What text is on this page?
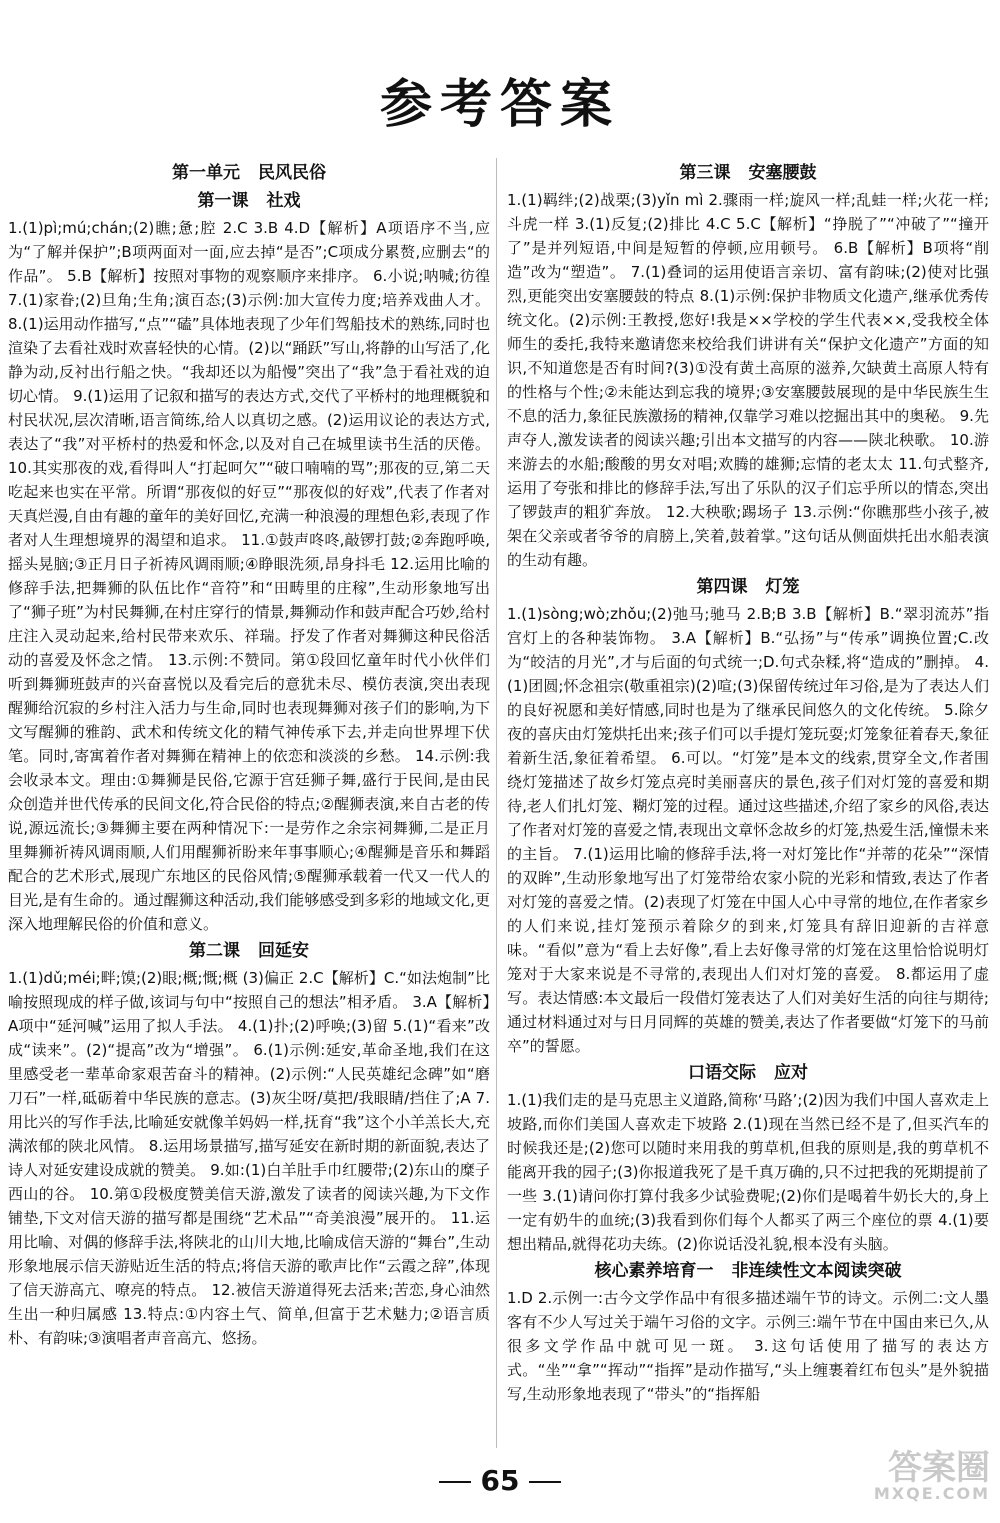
参考答案
第一单元 民风民俗
第一课 社戏

1.(1)pì;mú;chán;(2)瞧;惫;腔 2.C 3.B 4.D【解析】A项语序不当,应为“了解并保护”;B项两面对一面,应去掉“是否”;C项成分累赘,应删去“的作品”。 5.B【解析】按照对事物的观察顺序来排序。 6.小说;呐喊;彷徨 7.(1)家眷;(2)旦角;生角;演百态;(3)示例:加大宣传力度;培养戏曲人才。 8.(1)运用动作描写,“点”“磕”具体地表现了少年们驾船技术的熟练,同时也渲染了去看社戏时欢喜轻快的心情。(2)以“踊跃”写山,将静的山写活了,化静为动,反衬出行船之快。“我却还以为船慢”突出了“我”急于看社戏的迫切心情。 9.(1)运用了记叙和描写的表达方式,交代了平桥村的地理概貌和村民状况,层次清晰,语言简练,给人以真切之感。(2)运用议论的表达方式,表达了“我”对平桥村的热爱和怀念,以及对自己在城里读书生活的厌倦。 10.其实那夜的戏,看得叫人“打起呵欠”“破口喃喃的骂”;那夜的豆,第二天吃起来也实在平常。所谓“那夜似的好豆”“那夜似的好戏”,代表了作者对天真烂漫,自由有趣的童年的美好回忆,充满一种浪漫的理想色彩,表现了作者对人生理想境界的渴望和追求。 11.①鼓声咚咚,敲锣打鼓;②奔跑呼唤,摇头晃脑;③正月日子祈祷风调雨顺;④睁眼洗须,昂身抖毛 12.运用比喻的修辞手法,把舞狮的队伍比作“音符”和“田畴里的庄稼”,生动形象地写出了“狮子班”为村民舞狮,在村庄穿行的情景,舞狮动作和鼓声配合巧妙,给村庄注入灵动起来,给村民带来欢乐、祥瑞。抒发了作者对舞狮这种民俗活动的喜爱及怀念之情。 13.示例:不赞同。第①段回忆童年时代小伙伴们听到舞狮班鼓声的兴奋喜悦以及看完后的意犹未尽、模仿表演,突出表现醒狮给沉寂的乡村注入活力与生命,同时也表现舞狮对孩子们的影响,为下文写醒狮的雅韵、武术和传统文化的精气神传承下去,并走向世界埋下伏笔。同时,寄寓着作者对舞狮在精神上的依恋和淡淡的乡愁。 14.示例:我会收录本文。理由:①舞狮是民俗,它源于宫廷狮子舞,盛行于民间,是由民众创造并世代传承的民间文化,符合民俗的特点;②醒狮表演,来自古老的传说,源远流长;③舞狮主要在两种情况下:一是劳作之余宗祠舞狮,二是正月里舞狮祈祷风调雨顺,人们用醒狮祈盼来年事事顺心;④醒狮是音乐和舞蹈配合的艺术形式,展现广东地区的民俗风情;⑤醒狮承载着一代又一代人的目光,是有生命的。通过醒狮这种活动,我们能够感受到多彩的地域文化,更深入地理解民俗的价值和意义。

第二课 回延安

1.(1)dǔ;méi;畔;馍;(2)眼;概;慨;概 (3)偏正 2.C【解析】C.“如法炮制”比喻按照现成的样子做,该词与句中“按照自己的想法”相矛盾。 3.A【解析】A项中“延河喊”运用了拟人手法。 4.(1)扑;(2)呼唤;(3)留 5.(1)“看来”改成“读来”。(2)“提高”改为“增强”。 6.(1)示例:延安,革命圣地,我们在这里感受老一辈革命家艰苦奋斗的精神。(2)示例:“人民英雄纪念碑”如“磨刀石”一样,砥砺着中华民族的意志。(3)灰尘呀/莫把/我眼睛/挡住了;A 7.用比兴的写作手法,比喻延安就像羊妈妈一样,抚育“我”这个小羊羔长大,充满浓郁的陕北风情。 8.运用场景描写,描写延安在新时期的新面貌,表达了诗人对延安建设成就的赞美。 9.如:(1)白羊肚手巾红腰带;(2)东山的糜子西山的谷。 10.第①段极度赞美信天游,激发了读者的阅读兴趣,为下文作铺垫,下文对信天游的描写都是围绕“艺术品”“奇美浪漫”展开的。 11.运用比喻、对偶的修辞手法,将陕北的山川大地,比喻成信天游的“舞台”,生动形象地展示信天游贴近生活的特点;将信天游的歌声比作“云霞之辞”,体现了信天游高亢、嘹亮的特点。 12.被信天游道得死去活来;苦恋,身心油然生出一种归属感 13.特点:①内容土气、简单,但富于艺术魅力;②语言质朴、有韵味;③演唱者声音高亢、悠扬。

第三课 安塞腰鼓

1.(1)羁绊;(2)战栗;(3)yǐn mì 2.骤雨一样;旋风一样;乱蛙一样;火花一样;斗虎一样 3.(1)反复;(2)排比 4.C 5.C【解析】“挣脱了”“冲破了”“撞开了”是并列短语,中间是短暂的停顿,应用顿号。 6.B【解析】B项将“削造”改为“塑造”。 7.(1)叠词的运用使语言亲切、富有韵味;(2)使对比强烈,更能突出安塞腰鼓的特点 8.(1)示例:保护非物质文化遗产,继承优秀传统文化。(2)示例:王教授,您好!我是××学校的学生代表××,受我校全体师生的委托,我特来邀请您来校给我们讲讲有关“保护文化遗产”方面的知识,不知道您是否有时间?(3)①没有黄土高原的滋养,欠缺黄土高原人特有的性格与个性;②未能达到忘我的境界;③安塞腰鼓展现的是中华民族生生不息的活力,象征民族激扬的精神,仅靠学习难以挖掘出其中的奥秘。 9.先声夺人,激发读者的阅读兴趣;引出本文描写的内容——陕北秧歌。 10.游来游去的水船;酸酸的男女对唱;欢腾的雄狮;忘情的老太太 11.句式整齐,运用了夸张和排比的修辞手法,写出了乐队的汉子们忘乎所以的情态,突出了锣鼓声的粗犷奔放。 12.大秧歌;踢场子 13.示例:“你瞧那些小孩子,被架在父亲或者爷爷的肩膀上,笑着,鼓着掌。”这句话从侧面烘托出水船表演的生动有趣。

第四课 灯笼

1.(1)sòng;wò;zhǒu;(2)弛马;驰马 2.B;B 3.B【解析】B.“翠羽流苏”指宫灯上的各种装饰物。 3.A【解析】B.“弘扬”与“传承”调换位置;C.改为“皎洁的月光”,才与后面的句式统一;D.句式杂糅,将“造成的”删掉。 4.(1)团圆;怀念祖宗(敬重祖宗)(2)喧;(3)保留传统过年习俗,是为了表达人们的良好祝愿和美好情感,同时也是为了继承民间悠久的文化传统。 5.除夕夜的喜庆由灯笼烘托出来;孩子们可以手提灯笼玩耍;灯笼象征着春天,象征着新生活,象征着希望。 6.可以。“灯笼”是本文的线索,贯穿全文,作者围绕灯笼描述了故乡灯笼点亮时美丽喜庆的景色,孩子们对灯笼的喜爱和期待,老人们扎灯笼、糊灯笼的过程。通过这些描述,介绍了家乡的风俗,表达了作者对灯笼的喜爱之情,表现出文章怀念故乡的灯笼,热爱生活,憧憬未来的主旨。 7.(1)运用比喻的修辞手法,将一对灯笼比作“并蒂的花朵”“深情的双眸”,生动形象地写出了灯笼带给农家小院的光彩和情致,表达了作者对灯笼的喜爱之情。(2)表现了灯笼在中国人心中寻常的地位,在作者家乡的人们来说,挂灯笼预示着除夕的到来,灯笼具有辞旧迎新的吉祥意味。“看似”意为“看上去好像”,看上去好像寻常的灯笼在这里恰恰说明灯笼对于大家来说是不寻常的,表现出人们对灯笼的喜爱。 8.都运用了虚写。表达情感:本文最后一段借灯笼表达了人们对美好生活的向往与期待;通过材料通过对与日月同辉的英雄的赞美,表达了作者要做“灯笼下的马前卒”的誓愿。

口语交际 应对

1.(1)我们走的是马克思主义道路,简称‘马路’;(2)因为我们中国人喜欢走上坡路,而你们美国人喜欢走下坡路 2.(1)现在当然已经不是了,但买汽车的时候我还是;(2)您可以随时来用我的剪草机,但我的原则是,我的剪草机不能离开我的园子;(3)你报道我死了是千真万确的,只不过把我的死期提前了一些 3.(1)请问你打算付我多少试验费呢;(2)你们是喝着牛奶长大的,身上一定有奶牛的血统;(3)我看到你们每个人都买了两三个座位的票 4.(1)要想出精品,就得花功夫练。(2)你说话没礼貌,根本没有头脑。

核心素养培育一 非连续性文本阅读突破

1.D 2.示例一:古今文学作品中有很多描述端午节的诗文。示例二:文人墨客有不少人写过关于端午习俗的文字。示例三:端午节在中国由来已久,从很多文学作品中就可见一斑。 3.这句话使用了描写的表达方式。“坐”“拿”“挥动”“指挥”是动作描写,“头上缠裹着红布包头”是外貌描写,生动形象地表现了“带头”的“指挥船

65	答案圈
MXQE.COM
